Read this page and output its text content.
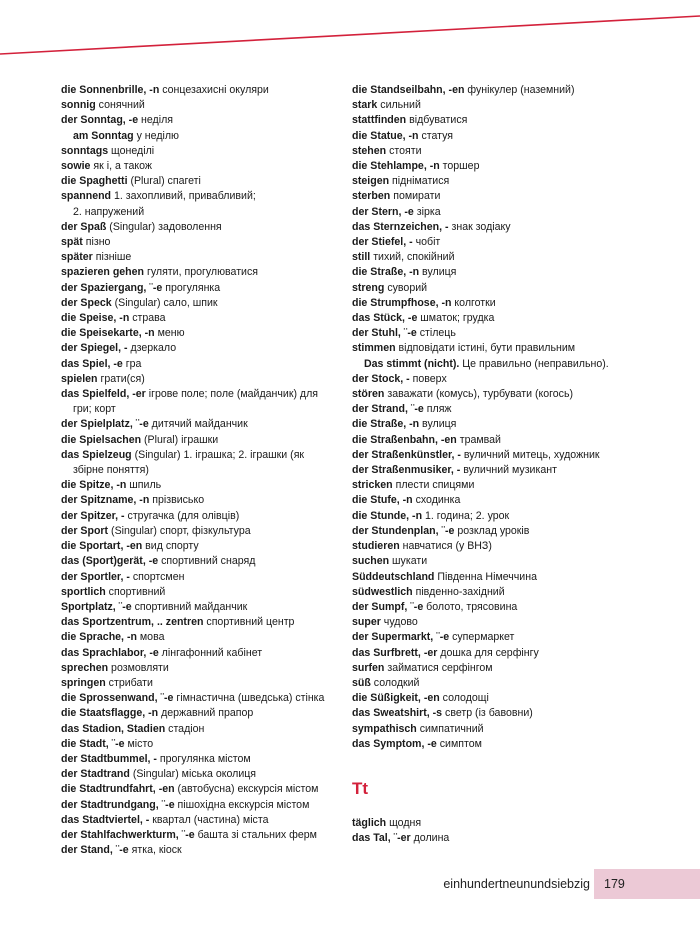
die Sonnenbrille, -n сонцезахисні окуляри
sonnig сонячний
der Sonntag, -e неділя
am Sonntag у неділю
sonntags щонеділі
sowie як і, а також
die Spaghetti (Plural) спагеті
spannend 1. захопливий, привабливий;
2. напружений
der Spaß (Singular) задоволення
spät пізно
später пізніше
spazieren gehen гуляти, прогулюватися
der Spaziergang, ¨-e прогулянка
der Speck (Singular) сало, шпик
die Speise, -n страва
die Speisekarte, -n меню
der Spiegel, - дзеркало
das Spiel, -e гра
spielen грати(ся)
das Spielfeld, -er ігрове поле; поле (майданчик) для
гри; корт
der Spielplatz, ¨-e дитячий майданчик
die Spielsachen (Plural) іграшки
das Spielzeug (Singular) 1. іграшка; 2. іграшки (як
збірне поняття)
die Spitze, -n шпиль
der Spitzname, -n прізвисько
der Spitzer, - стругачка (для олівців)
der Sport (Singular) спорт, фізкультура
die Sportart, -en вид спорту
das (Sport)gerät, -e спортивний снаряд
der Sportler, - спортсмен
sportlich спортивний
Sportplatz, ¨-e спортивний майданчик
das Sportzentrum, .. zentren спортивний центр
die Sprache, -n мова
das Sprachlabor, -e лінгафонний кабінет
sprechen розмовляти
springen стрибати
die Sprossenwand, ¨-e гімнастична (шведська) стінка
die Staatsflagge, -n державний прапор
das Stadion, Stadien стадіон
die Stadt, ¨-e місто
der Stadtbummel, - прогулянка містом
der Stadtrand (Singular) міська околиця
die Stadtrundfahrt, -en (автобусна) екскурсія містом
der Stadtrundgang, ¨-e пішохідна екскурсія містом
das Stadtviertel, - квартал (частина) міста
der Stahlfachwerkturm, ¨-e башта зі стальних ферм
der Stand, ¨-e ятка, кіоск
die Standseilbahn, -en фунікулер (наземний)
stark сильний
stattfinden відбуватися
die Statue, -n статуя
stehen стояти
die Stehlampe, -n торшер
steigen підніматися
sterben помирати
der Stern, -e зірка
das Sternzeichen, - знак зодіаку
der Stiefel, - чобіт
still тихий, спокійний
die Straße, -n вулиця
streng суворий
die Strumpfhose, -n колготки
das Stück, -e шматок; грудка
der Stuhl, ¨-e стілець
stimmen відповідати істині, бути правильним
Das stimmt (nicht). Це правильно (неправильно).
der Stock, - поверх
stören заважати (комусь), турбувати (когось)
der Strand, ¨-e пляж
die Straße, -n вулиця
die Straßenbahn, -en трамвай
der Straßenkünstler, - вуличний митець, художник
der Straßenmusiker, - вуличний музикант
stricken плести спицями
die Stufe, -n сходинка
die Stunde, -n 1. година; 2. урок
der Stundenplan, ¨-e розклад уроків
studieren навчатися (у ВНЗ)
suchen шукати
Süddeutschland Південна Німеччина
südwestlich південно-західний
der Sumpf, ¨-e болото, трясовина
super чудово
der Supermarkt, ¨-e супермаркет
das Surfbrett, -er дошка для серфінгу
surfen займатися серфінгом
süß солодкий
die Süßigkeit, -en солодощі
das Sweatshirt, -s светр (із бавовни)
sympathisch симпатичний
das Symptom, -e симптом
Tt
täglich щодня
das Tal, ¨-er долина
einhundertneunundsiebzig 179
